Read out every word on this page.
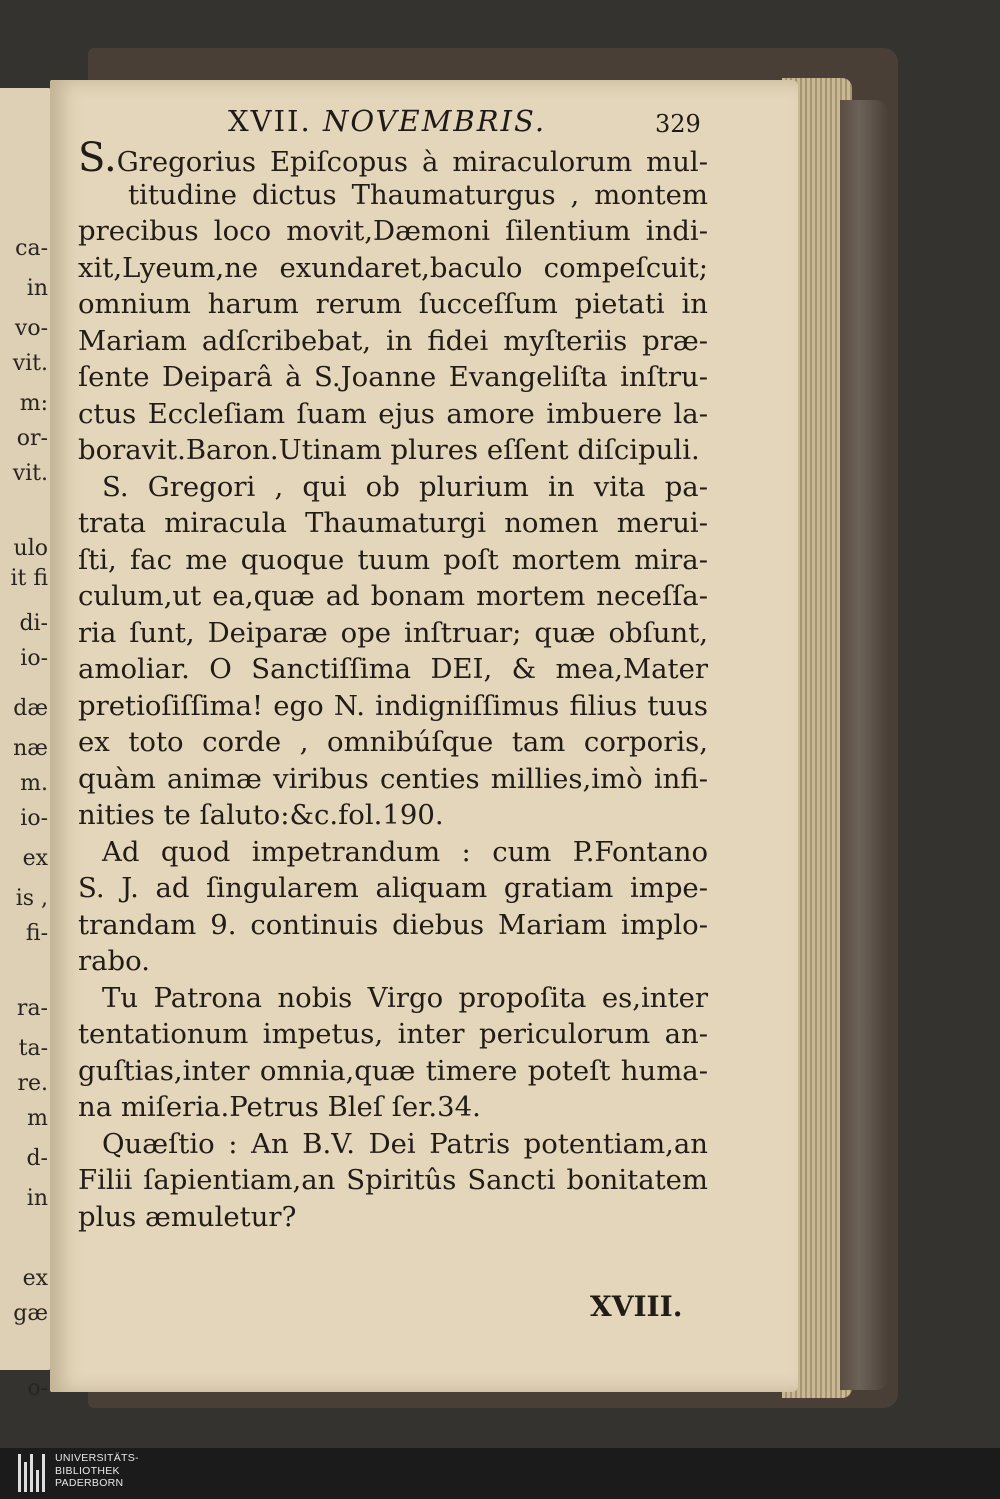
ca-
in
vo-
vit.
m:
or-
vit.
ulo
it fi
di-
io-
dæ
næ
m.
io-
ex
is ,
fi-
ra-
ta-
re.
m
d-
in
ex
gæ
o-
XVII. NOVEMBRIS.	329
S.Gregorius Epiſcopus à miraculorum mul-
titudine dictus Thaumaturgus , montem
precibus loco movit,Dæmoni ſilentium indi-
xit,Lyeum,ne exundaret,baculo compeſcuit;
omnium harum rerum ſucceſſum pietati in
Mariam adſcribebat, in fidei myſteriis præ-
ſente Deiparâ à S.Joanne Evangeliſta inſtru-
ctus Eccleſiam ſuam ejus amore imbuere la-
boravit.Baron.Utinam plures eſſent diſcipuli.
S. Gregori , qui ob plurium in vita pa-
trata miracula Thaumaturgi nomen merui-
ſti, fac me quoque tuum poſt mortem mira-
culum,ut ea,quæ ad bonam mortem neceſſa-
ria ſunt, Deiparæ ope inſtruar; quæ obſunt,
amoliar. O Sanctiſſima DEI, & mea,Mater
pretioſiſſima! ego N. indigniſſimus filius tuus
ex toto corde , omnibúſque tam corporis,
quàm animæ viribus centies millies,imò infi-
nities te ſaluto:&c.fol.190.
Ad quod impetrandum : cum P.Fontano
S. J. ad ſingularem aliquam gratiam impe-
trandam 9. continuis diebus Mariam implo-
rabo.
Tu Patrona nobis Virgo propoſita es,inter
tentationum impetus, inter periculorum an-
guſtias,inter omnia,quæ timere poteſt huma-
na miſeria.Petrus Bleſ ſer.34.
Quæſtio : An B.V. Dei Patris potentiam,an
Filii ſapientiam,an Spiritûs Sancti bonitatem
plus æmuletur?
XVIII.
UNIVERSITÄTS-
BIBLIOTHEK
PADERBORN
